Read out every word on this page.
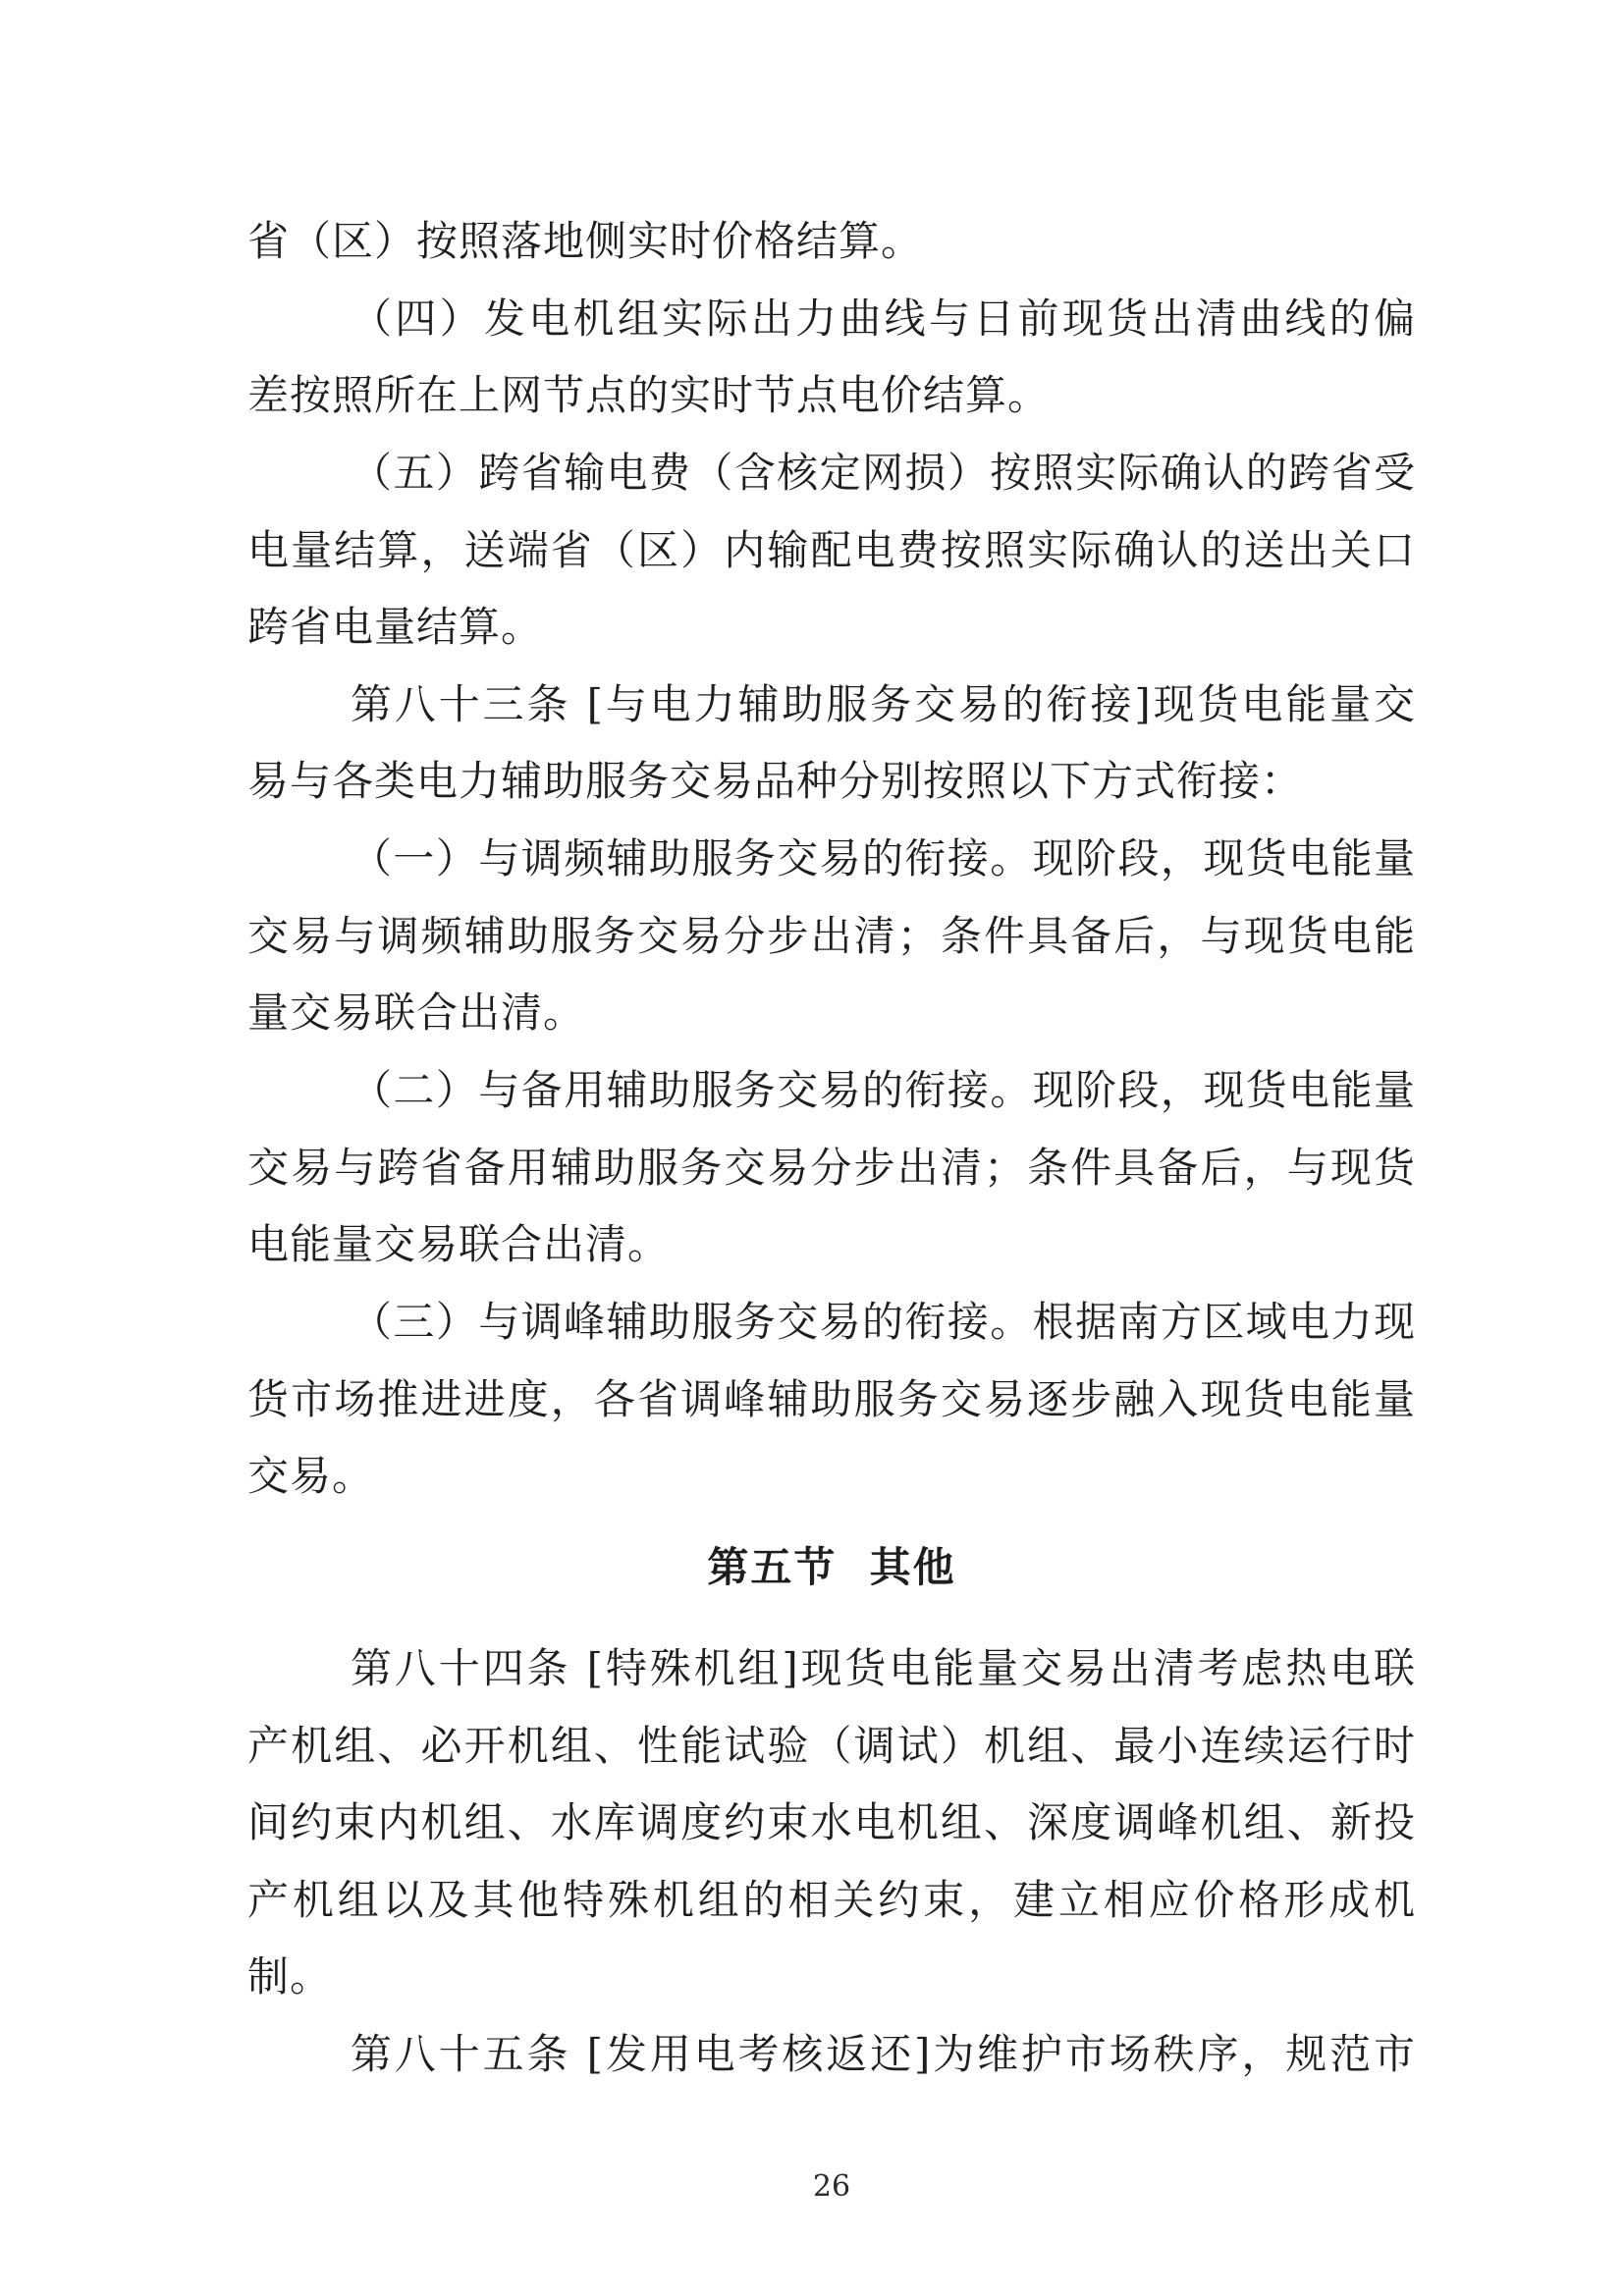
省（区）按照落地侧实时价格结算。
（四）发电机组实际出力曲线与日前现货出清曲线的偏
差按照所在上网节点的实时节点电价结算。
（五）跨省输电费（含核定网损）按照实际确认的跨省受
电量结算，送端省（区）内输配电费按照实际确认的送出关口
跨省电量结算。
第八十三条 [与电力辅助服务交易的衔接]现货电能量交
易与各类电力辅助服务交易品种分别按照以下方式衔接：
（一）与调频辅助服务交易的衔接。现阶段，现货电能量
交易与调频辅助服务交易分步出清；条件具备后，与现货电能
量交易联合出清。
（二）与备用辅助服务交易的衔接。现阶段，现货电能量
交易与跨省备用辅助服务交易分步出清；条件具备后，与现货
电能量交易联合出清。
（三）与调峰辅助服务交易的衔接。根据南方区域电力现
货市场推进进度，各省调峰辅助服务交易逐步融入现货电能量
交易。
第五节  其他
第八十四条 [特殊机组]现货电能量交易出清考虑热电联
产机组、必开机组、性能试验（调试）机组、最小连续运行时
间约束内机组、水库调度约束水电机组、深度调峰机组、新投
产机组以及其他特殊机组的相关约束，建立相应价格形成机
制。
第八十五条 [发用电考核返还]为维护市场秩序，规范市
26
